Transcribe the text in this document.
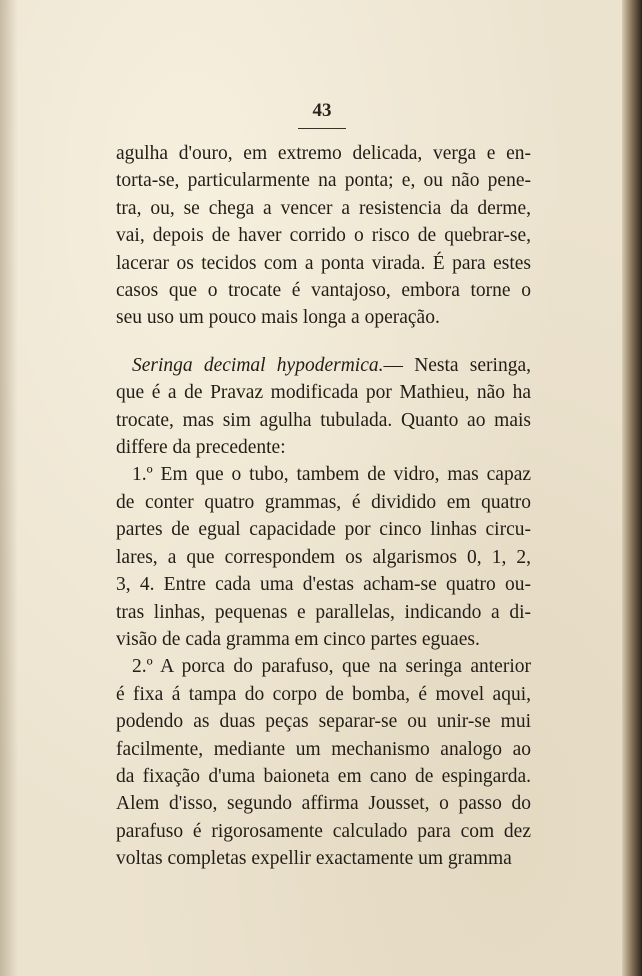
43
agulha d'ouro, em extremo delicada, verga e en-
torta-se, particularmente na ponta; e, ou não pene-
tra, ou, se chega a vencer a resistencia da derme,
vai, depois de haver corrido o risco de quebrar-se,
lacerar os tecidos com a ponta virada. É para estes
casos que o trocate é vantajoso, embora torne o
seu uso um pouco mais longa a operação.
Seringa decimal hypodermica.— Nesta seringa,
que é a de Pravaz modificada por Mathieu, não ha
trocate, mas sim agulha tubulada. Quanto ao mais
differe da precedente:
1.º Em que o tubo, tambem de vidro, mas capaz
de conter quatro grammas, é dividido em quatro
partes de egual capacidade por cinco linhas circu-
lares, a que correspondem os algarismos 0, 1, 2,
3, 4. Entre cada uma d'estas acham-se quatro ou-
tras linhas, pequenas e parallelas, indicando a di-
visão de cada gramma em cinco partes eguaes.
2.º A porca do parafuso, que na seringa anterior
é fixa á tampa do corpo de bomba, é movel aqui,
podendo as duas peças separar-se ou unir-se mui
facilmente, mediante um mechanismo analogo ao
da fixação d'uma baioneta em cano de espingarda.
Alem d'isso, segundo affirma Jousset, o passo do
parafuso é rigorosamente calculado para com dez
voltas completas expellir exactamente um gramma
